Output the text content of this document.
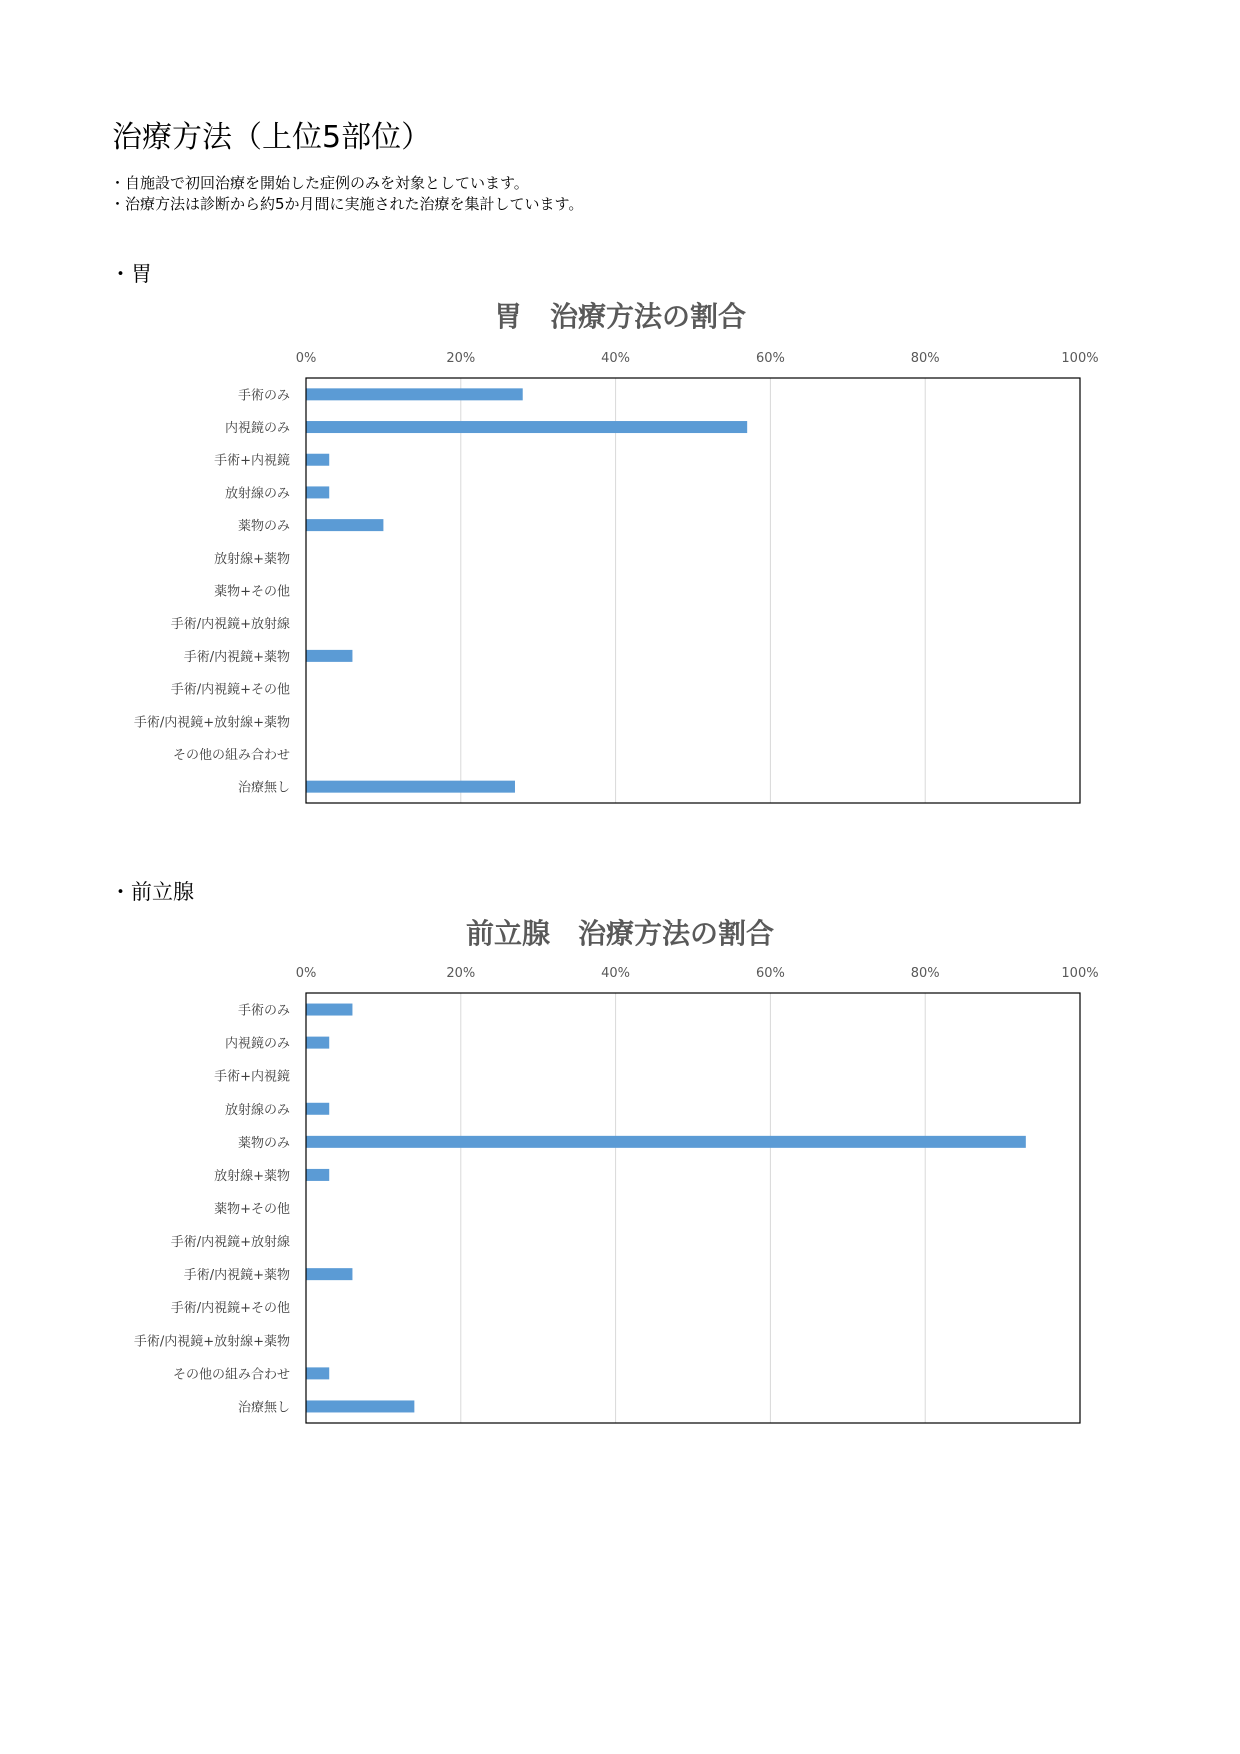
治療方法（上位5部位）
・自施設で初回治療を開始した症例のみを対象としています。
・治療方法は診断から約5か月間に実施された治療を集計しています。
・胃
胃　治療方法の割合
0%	20%	40%	60%	80%	100%
手術のみ
内視鏡のみ
手術+内視鏡
放射線のみ
薬物のみ
放射線+薬物
薬物+その他
手術/内視鏡+放射線
手術/内視鏡+薬物
手術/内視鏡+その他
手術/内視鏡+放射線+薬物
その他の組み合わせ
治療無し
・前立腺
前立腺　治療方法の割合
0%	20%	40%	60%	80%	100%
手術のみ
内視鏡のみ
手術+内視鏡
放射線のみ
薬物のみ
放射線+薬物
薬物+その他
手術/内視鏡+放射線
手術/内視鏡+薬物
手術/内視鏡+その他
手術/内視鏡+放射線+薬物
その他の組み合わせ
治療無し
